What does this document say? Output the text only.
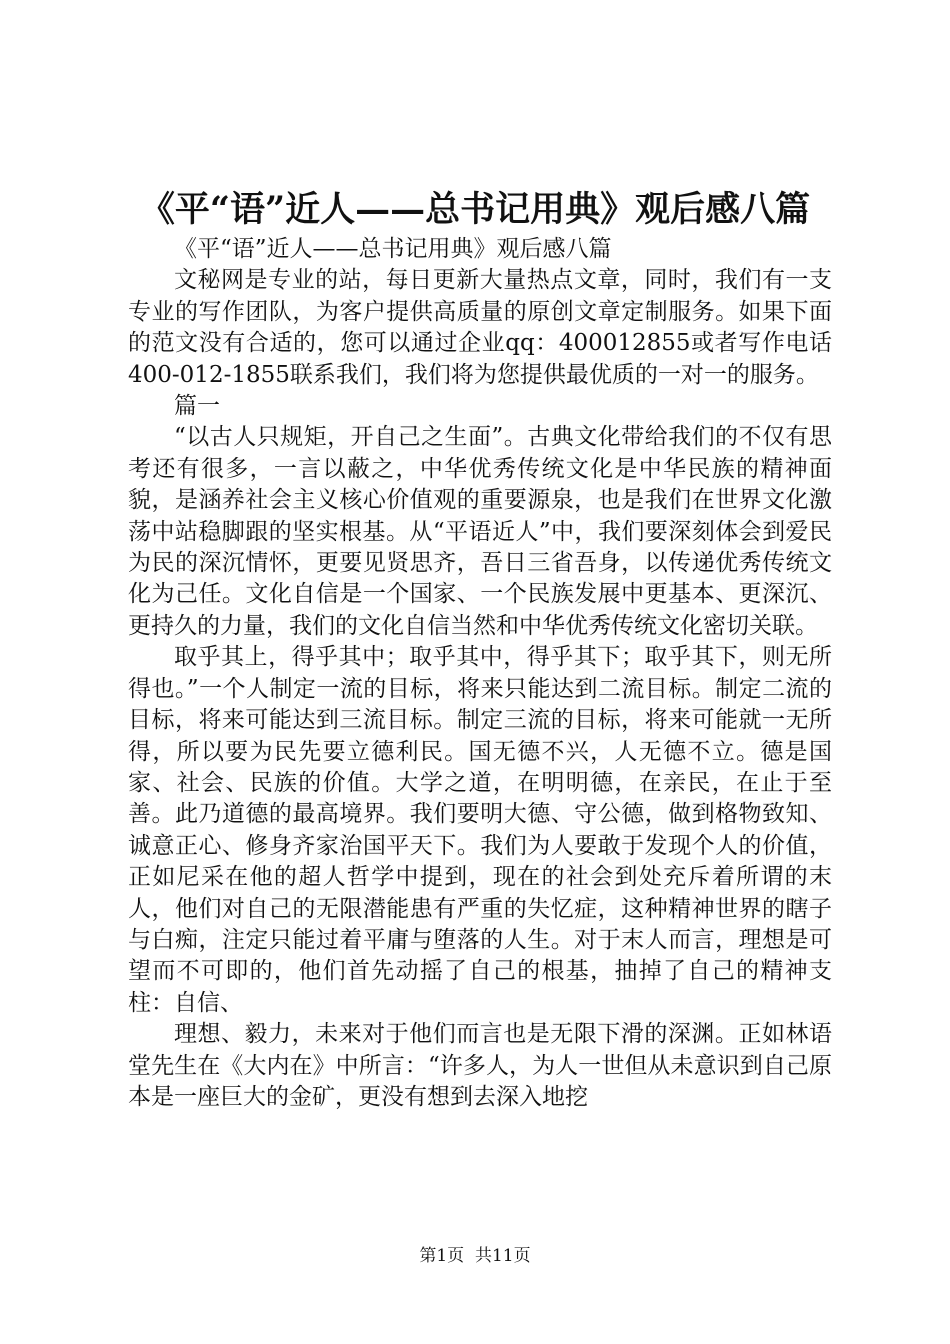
《平“语”近人——总书记用典》观后感八篇

《平“语”近人——总书记用典》观后感八篇

文秘网是专业的站，每日更新大量热点文章，同时，我们有一支专业的写作团队，为客户提供高质量的原创文章定制服务。如果下面的范文没有合适的，您可以通过企业qq：400012855或者写作电话400-012-1855联系我们，我们将为您提供最优质的一对一的服务。

篇一

“以古人只规矩，开自己之生面”。古典文化带给我们的不仅有思考还有很多，一言以蔽之，中华优秀传统文化是中华民族的精神面貌，是涵养社会主义核心价值观的重要源泉，也是我们在世界文化激荡中站稳脚跟的坚实根基。从“平语近人”中，我们要深刻体会到爱民为民的深沉情怀，更要见贤思齐，吾日三省吾身，以传递优秀传统文化为己任。文化自信是一个国家、一个民族发展中更基本、更深沉、更持久的力量，我们的文化自信当然和中华优秀传统文化密切关联。

取乎其上，得乎其中；取乎其中，得乎其下；取乎其下，则无所得也。”一个人制定一流的目标，将来只能达到二流目标。制定二流的目标，将来可能达到三流目标。制定三流的目标，将来可能就一无所得，所以要为民先要立德利民。国无德不兴，人无德不立。德是国家、社会、民族的价值。大学之道，在明明德，在亲民，在止于至善。此乃道德的最高境界。我们要明大德、守公德，做到格物致知、诚意正心、修身齐家治国平天下。我们为人要敢于发现个人的价值，正如尼采在他的超人哲学中提到，现在的社会到处充斥着所谓的末人，他们对自己的无限潜能患有严重的失忆症，这种精神世界的瞎子与白痴，注定只能过着平庸与堕落的人生。对于末人而言，理想是可望而不可即的，他们首先动摇了自己的根基，抽掉了自己的精神支柱：自信、

理想、毅力，未来对于他们而言也是无限下滑的深渊。正如林语堂先生在《大内在》中所言：“许多人，为人一世但从未意识到自己原本是一座巨大的金矿，更没有想到去深入地挖

第1页  共11页
